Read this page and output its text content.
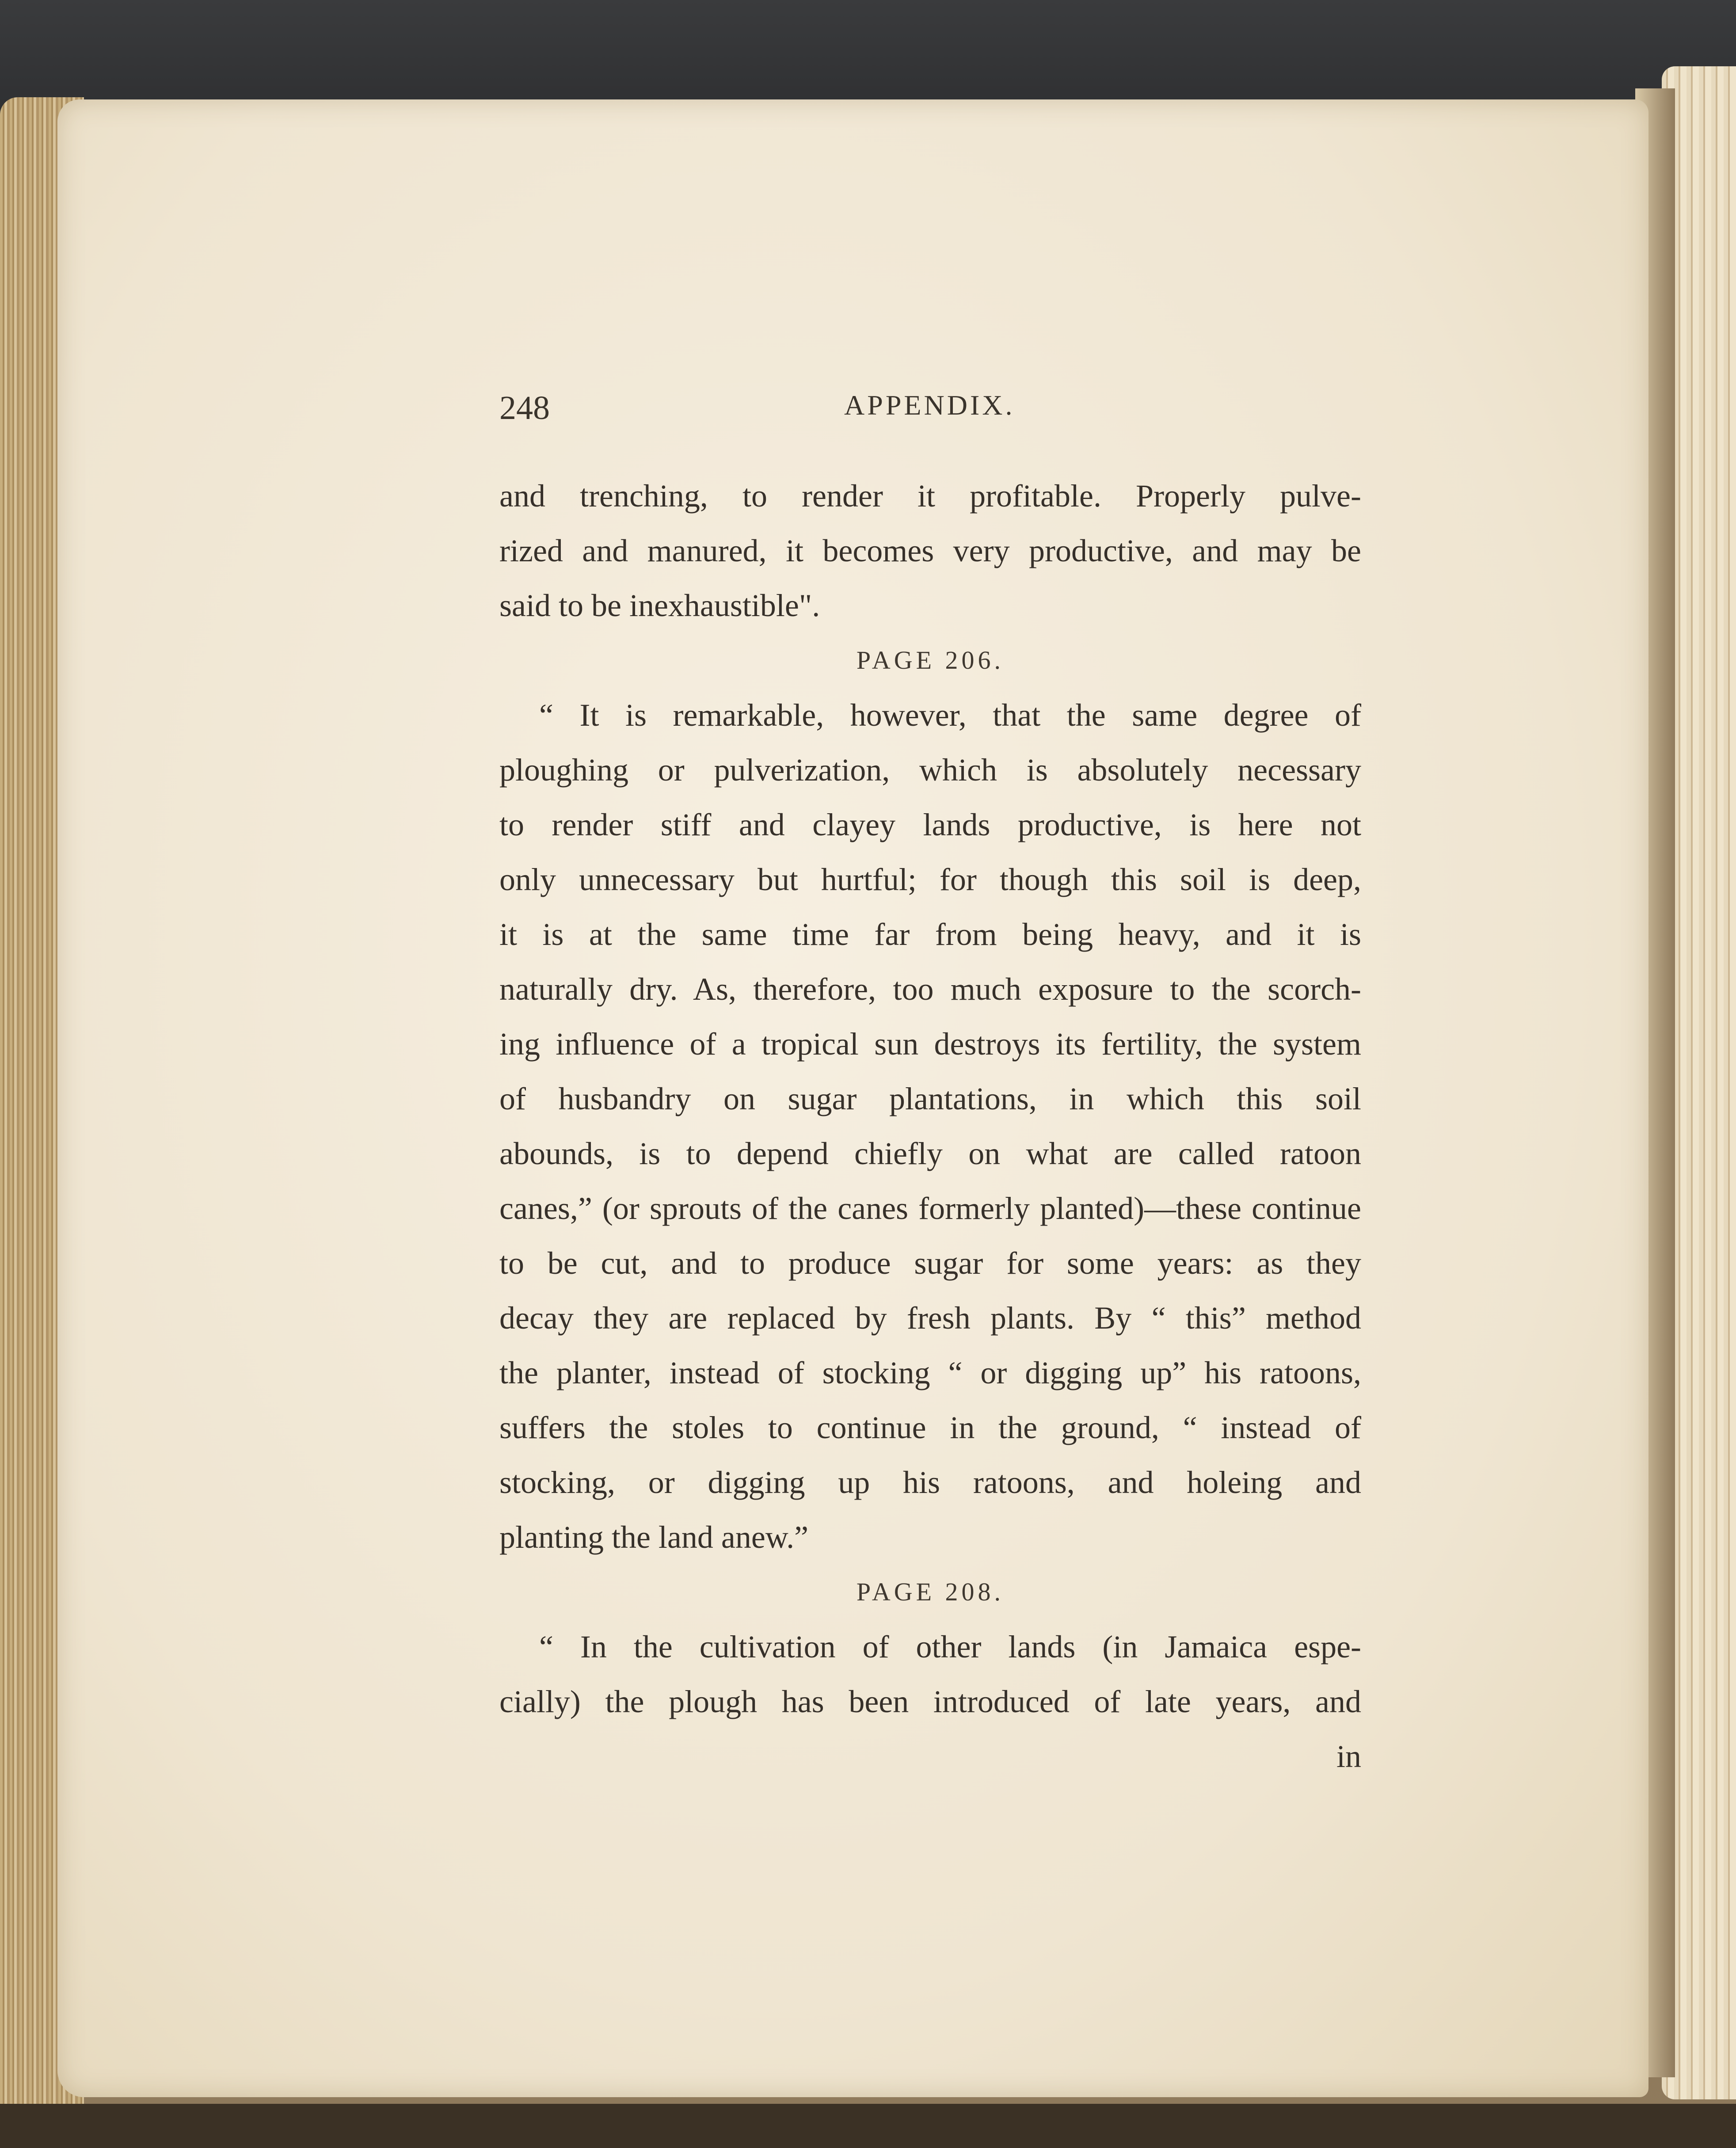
248	APPENDIX.
and trenching, to render it profitable. Properly pulve-
rized and manured, it becomes very productive, and may be
said to be inexhaustible".
PAGE 206.
“ It is remarkable, however, that the same degree of
ploughing or pulverization, which is absolutely necessary
to render stiff and clayey lands productive, is here not
only unnecessary but hurtful; for though this soil is deep,
it is at the same time far from being heavy, and it is
naturally dry. As, therefore, too much exposure to the scorch-
ing influence of a tropical sun destroys its fertility, the system
of husbandry on sugar plantations, in which this soil
abounds, is to depend chiefly on what are called ratoon
canes,” (or sprouts of the canes formerly planted)—these continue
to be cut, and to produce sugar for some years: as they
decay they are replaced by fresh plants. By “ this” method
the planter, instead of stocking “ or digging up” his ratoons,
suffers the stoles to continue in the ground, “ instead of
stocking, or digging up his ratoons, and holeing and
planting the land anew.”
PAGE 208.
“ In the cultivation of other lands (in Jamaica espe-
cially) the plough has been introduced of late years, and
in
